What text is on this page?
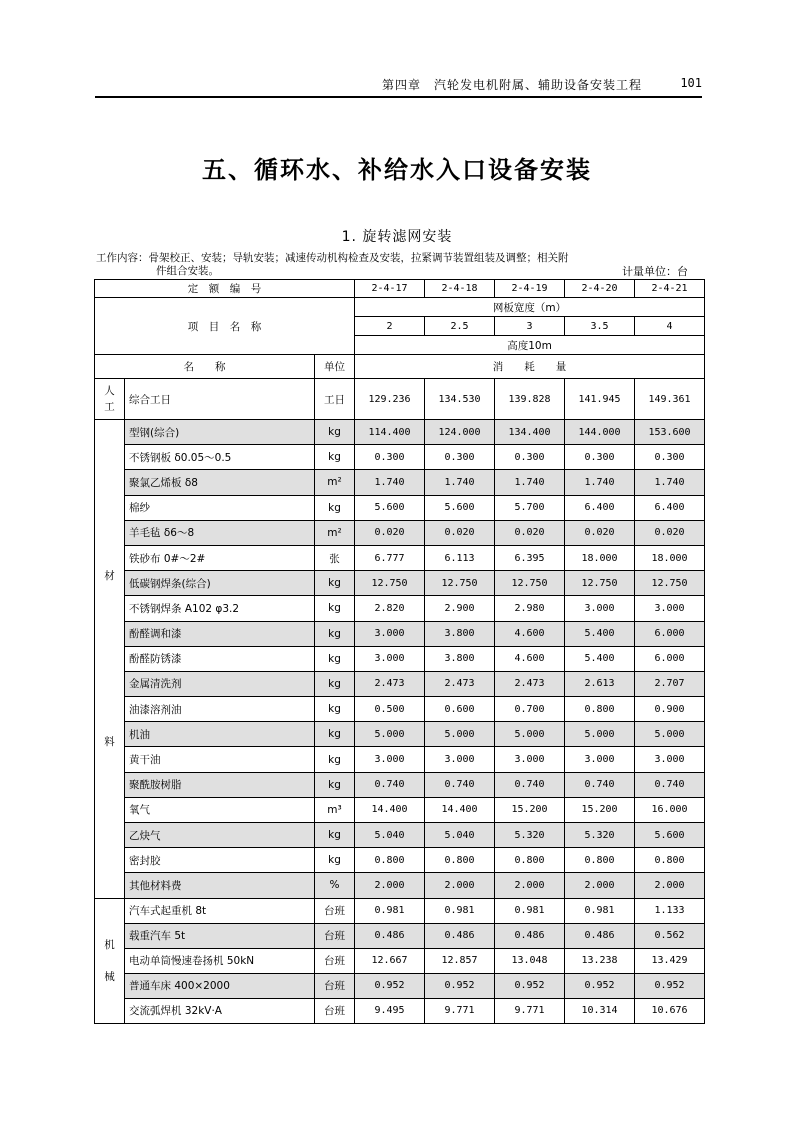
第四章　汽轮发电机附属、辅助设备安装工程	101
五、循环水、补给水入口设备安装
1. 旋转滤网安装
工作内容：骨架校正、安装；导轨安装；减速传动机构检查及安装，拉紧调节装置组装及调整；相关附
件组合安装。	计量单位：台
定　额　编　号			2-4-17	2-4-18	2-4-19	2-4-20	2-4-21
项　目　名　称			网板宽度（m）				
			2	2.5	3	3.5	4
			高度10m				
名　　称		单位	消　　耗　　量				

人
工	综合工日	工日	129.236	134.530	139.828	141.945	149.361

材
料	型钢(综合)	kg	114.400	124.000	134.400	144.000	153.600
	不锈钢板 δ0.05～0.5	kg	0.300	0.300	0.300	0.300	0.300
	聚氯乙烯板 δ8	m²	1.740	1.740	1.740	1.740	1.740
	棉纱	kg	5.600	5.600	5.700	6.400	6.400
	羊毛毡 δ6～8	m²	0.020	0.020	0.020	0.020	0.020
	铁砂布 0#～2#	张	6.777	6.113	6.395	18.000	18.000
	低碳钢焊条(综合)	kg	12.750	12.750	12.750	12.750	12.750
	不锈钢焊条 A102 φ3.2	kg	2.820	2.900	2.980	3.000	3.000
	酚醛调和漆	kg	3.000	3.800	4.600	5.400	6.000
	酚醛防锈漆	kg	3.000	3.800	4.600	5.400	6.000
	金属清洗剂	kg	2.473	2.473	2.473	2.613	2.707
	油漆溶剂油	kg	0.500	0.600	0.700	0.800	0.900
	机油	kg	5.000	5.000	5.000	5.000	5.000
	黄干油	kg	3.000	3.000	3.000	3.000	3.000
	聚酰胺树脂	kg	0.740	0.740	0.740	0.740	0.740
	氧气	m³	14.400	14.400	15.200	15.200	16.000
	乙炔气	kg	5.040	5.040	5.320	5.320	5.600
	密封胶	kg	0.800	0.800	0.800	0.800	0.800
	其他材料费	%	2.000	2.000	2.000	2.000	2.000

机

械	汽车式起重机 8t	台班	0.981	0.981	0.981	0.981	1.133
	载重汽车 5t	台班	0.486	0.486	0.486	0.486	0.562
	电动单筒慢速卷扬机 50kN	台班	12.667	12.857	13.048	13.238	13.429
	普通车床 400×2000	台班	0.952	0.952	0.952	0.952	0.952
	交流弧焊机 32kV·A	台班	9.495	9.771	9.771	10.314	10.676
